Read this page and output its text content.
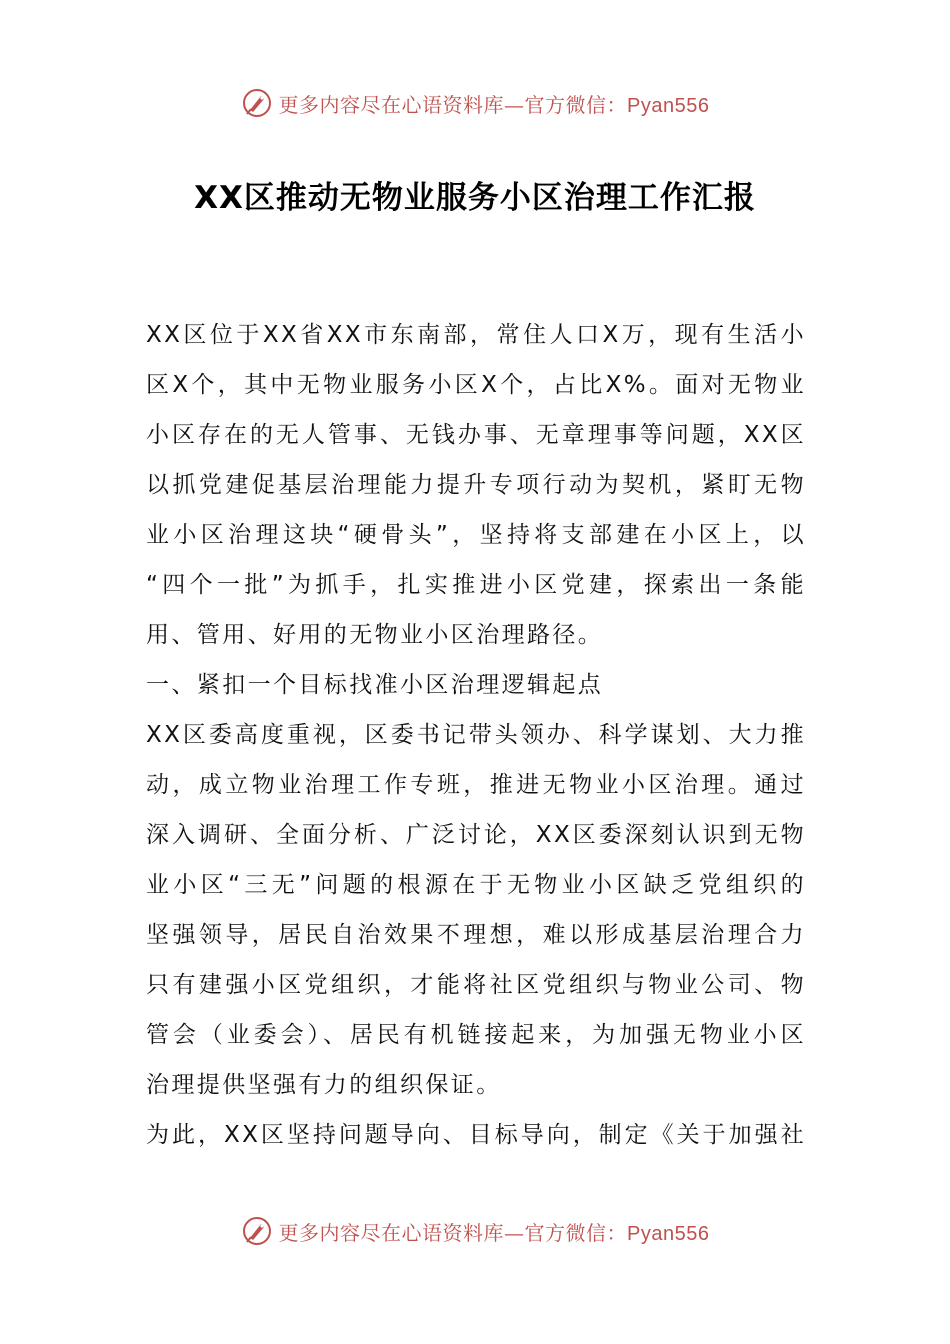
更多内容尽在心语资料库—官方微信：Pyan556
XX区推动无物业服务小区治理工作汇报
XX区位于XX省XX市东南部，常住人口X万，现有生活小
区X个，其中无物业服务小区X个，占比X%。面对无物业
小区存在的无人管事、无钱办事、无章理事等问题，XX区
以抓党建促基层治理能力提升专项行动为契机，紧盯无物
业小区治理这块“硬骨头”，坚持将支部建在小区上，以
“四个一批”为抓手，扎实推进小区党建，探索出一条能
用、管用、好用的无物业小区治理路径。
一、紧扣一个目标找准小区治理逻辑起点
XX区委高度重视，区委书记带头领办、科学谋划、大力推
动，成立物业治理工作专班，推进无物业小区治理。通过
深入调研、全面分析、广泛讨论，XX区委深刻认识到无物
业小区“三无”问题的根源在于无物业小区缺乏党组织的
坚强领导，居民自治效果不理想，难以形成基层治理合力
只有建强小区党组织，才能将社区党组织与物业公司、物
管会（业委会）、居民有机链接起来，为加强无物业小区
治理提供坚强有力的组织保证。
为此，XX区坚持问题导向、目标导向，制定《关于加强社
更多内容尽在心语资料库—官方微信：Pyan556
